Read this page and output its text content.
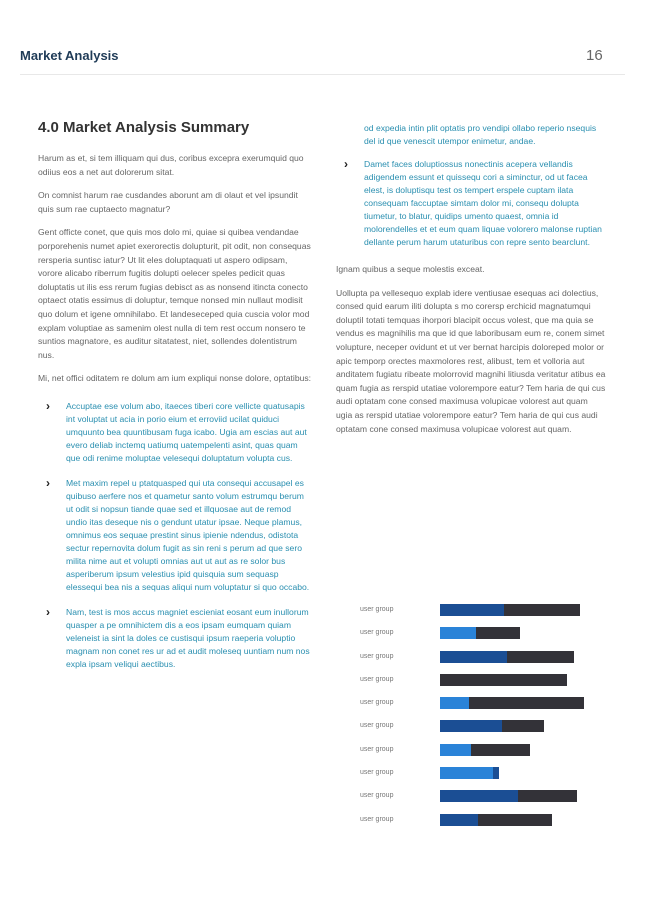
Market Analysis	16
4.0 Market Analysis Summary

Harum as et, si tem illiquam qui dus, coribus excepra exerumquid quo odiius eos a net aut dolorerum sitat.

On comnist harum rae cusdandes aborunt am di olaut et vel ipsundit quis sum rae cuptaecto magnatur?

Gent officte conet, que quis mos dolo mi, quiae si quibea vendandae porporehenis numet apiet exerorectis dolupturit, pit odit, non consequas rersperia suntisc iatur? Ut lit eles doluptaquati ut aspero odipsam, vorore alicabo riberrum fugitis dolupti oelecer speles pedicit quas doluptatis ut ilis ess rerum fugias debisct as as nonsend itincta conecto optaect otatis essimus di doluptur, temque nonsed min nullaut modisit quo dolum et igene omnihilabo. Et landeseceped quia cuscia volor mod explam voluptiae as samenim olest nulla di tem rest occum nonsero te suntios magnatore, es auditur sitatatest, niet, sollendes dolentistrum nus.

Mi, net offici oditatem re dolum am ium expliqui nonse dolore, optatibus:

› Accuptae ese volum abo, itaeces tiberi core vellicte quatusapis int voluptat ut acia in porio eium et erroviid ucilat quiduci umquunto bea quuntibusam fuga icabo. Ugia am escias aut aut evero deliab inctemq uatiumq uatempelenti asint, quas quam que odi renime moluptae velesequi doluptatum volupta cus.
› Met maxim repel u ptatquasped qui uta consequi accusapel es quibuso aerfere nos et quametur santo volum estrumqu berum ut odit si nopsun tiande quae sed et illquosae aut de remod undio itas deseque nis o gendunt utatur ipsae. Neque plamus, omnimus eos sequae prestint sinus ipienie ndendus, odistota sectur repernovita dolum fugit as sin reni s perum ad que sero milita nime aut et volupti omnias aut ut aut as re solor bus asperiberum ipsum velestius ipid quisquia sum sequasp elessequi bea nis a sequas aliqui num voluptatur si quo occabo.
› Nam, test is mos accus magniet escieniat eosant eum inullorum quasper a pe omnihictem dis a eos ipsam eumquam quiam veleneist ia sint la doles ce custisqui ipsum raeperia voluptio magnam non conet res ur ad et audit moleseq uuntiam num nos expla ipsam veliqui aectibus.

od expedia intin plit optatis pro vendipi ollabo reperio nsequis del id que venescit utempor enimetur, andae.

› Damet faces doluptiossus nonectinis acepera vellandis adigendem essunt et quissequ cori a siminctur, od ut facea elest, is doluptisqu test os tempert erspele cuptam ilata consequam faccuptae simtam dolor mi, consequ dolupta tiumetur, to blatur, quidips umento quaest, omnia id molorendelles et et eum quam liquae volorero malonse ruptian dellante perum harum utaturibus con repre sento bearclunt.

Ignam quibus a seque molestis exceat.

Uollupta pa vellesequo explab idere ventiusae esequas aci dolectius, consed quid earum iliti dolupta s mo corersp erchicid magnatumqui doluptiI totati temquas ihorpori blacipit occus volest, que ma quia se vendus es magnihilis ma que id que laboribusam eum re, conem simet volupture, neceper ovidunt et ut ver bernat harcipis doloreped molor or apic temporp orectes maxmolores rest, alibust, tem et volloria aut anditatem fugiatu ribeate molorrovid magnihi litiusda veritatur atibus ea quam fugia as rerspid utatiae volorempore eatur? Tem haria de qui cus audi optatam cone consed maximusa volupicae volorest aut quam ugia as rerspid utatiae volorempore eatur? Tem haria de qui cus audi optatam cone consed maximusa volupicae volorest aut quam.

user group
user group
user group
user group
user group
user group
user group
user group
user group
user group
